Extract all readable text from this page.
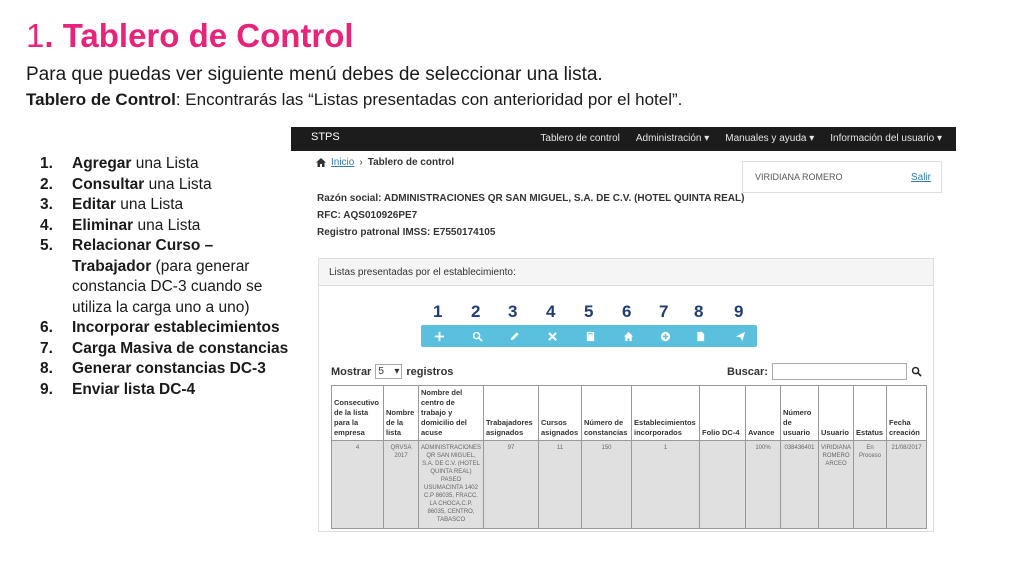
1. Tablero de Control
Para que puedas ver siguiente menú debes de seleccionar una lista.
Tablero de Control: Encontrarás las “Listas presentadas con anterioridad por el hotel”.
1. Agregar una Lista
2. Consultar una Lista
3. Editar una Lista
4. Eliminar una Lista
5. Relacionar Curso – Trabajador (para generar constancia DC-3 cuando se utiliza la carga uno a uno)
6. Incorporar establecimientos
7. Carga Masiva de constancias
8. Generar constancias DC-3
9. Enviar lista DC-4
STPS	Tablero de control Administración ▾ Manuales y ayuda ▾ Información del usuario ▾
Inicio › Tablero de control
VIRIDIANA ROMERO	Salir
Razón social: ADMINISTRACIONES QR SAN MIGUEL, S.A. DE C.V. (HOTEL QUINTA REAL)
RFC: AQS010926PE7
Registro patronal IMSS: E7550174105
Listas presentadas por el establecimiento:
1 2 3 4 5 6 7 8 9
Mostrar 5 ▾ registros	Buscar:
Consecutivo de la lista para la empresa	Nombre de la lista	Nombre del centro de trabajo y domicilio del acuse	Trabajadores asignados	Cursos asignados	Número de constancias	Establecimientos incorporados	Folio DC-4	Avance	Número de usuario	Usuario	Estatus	Fecha creación
4	QRVSA 2017	ADMINISTRACIONES QR SAN MIGUEL, S.A. DE C.V. (HOTEL QUINTA REAL) PASEO USUMACINTA 1402 C.P 86035, FRACC. LA CHOCA,C.P. 86035, CENTRO, TABASCO	97	11	150	1		100%	038436401	VIRIDIANA ROMERO ARCEO	En Proceso	21/08/2017
